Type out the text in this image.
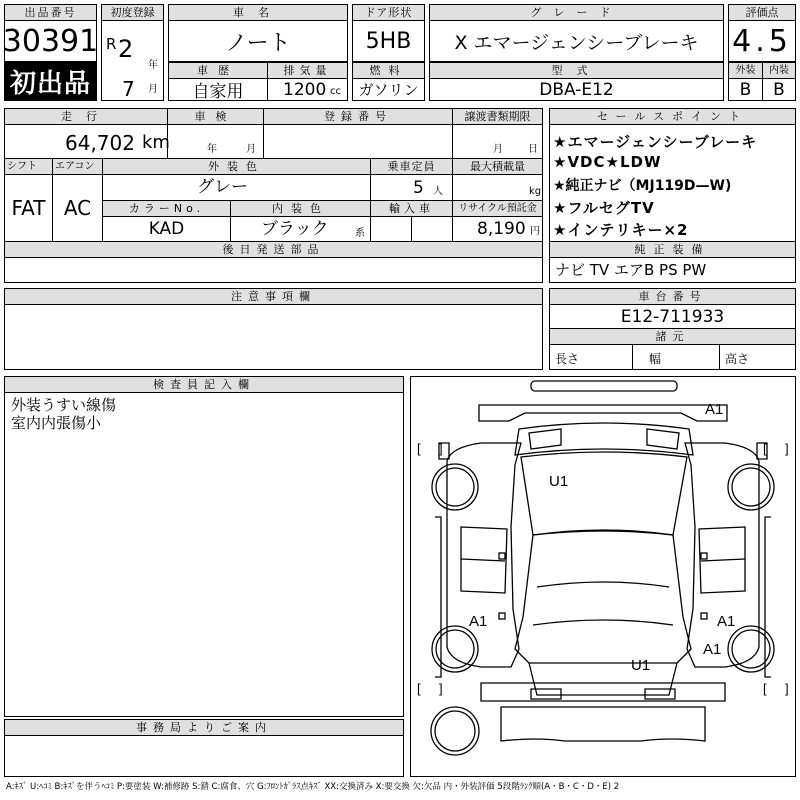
出品番号
30391
初出品
初度登録
R 2
年
7 月
車名
ノート
車歴	排気量
自家用 1200 cc
ドア形状
5HB
燃料
ガソリン
グレード
X エマージェンシーブレーキ
型式
DBA-E12
評価点
4.5
外装	内装
B B
走行
64,702 km
車検
年	月
登録番号	譲渡書類期限
月	日
シフト	エアコン
FAT AC
外装色
グレー
乗車定員
5 人
最大積載量
kg
カラーNo.
KAD
内装色
ブラック	系
輸入車	リサイクル預託金
8,190 円
後日発送部品
セールスポイント
★エマージェンシーブレーキ
★VDC★LDW
★純正ナビ（MJ119D—W)
★フルセグTV
★インテリキー×2
純正装備
ナビ TV エアB PS PW
注意事項欄	車台番号
E12-711933
諸元
長さ	幅	高さ
検査員記入欄
外装うすい線傷
室内内張傷小
事務局よりご案内
[ ]	[ ]
[ ]	[ ]
A1
U1
A1	A1
A1
U1
A:ｷｽﾞ U:ﾍｺﾐ B:ｷｽﾞを伴うﾍｺﾐ P:要塗装 W:補修跡 S:錆 C:腐食、穴 G:ﾌﾛﾝﾄｶﾞﾗｽ点ｷｽﾞ XX:交換済み X:要交換 欠:欠品 内・外装評価 5段階ﾗﾝｸ順(A・B・C・D・E) 2
